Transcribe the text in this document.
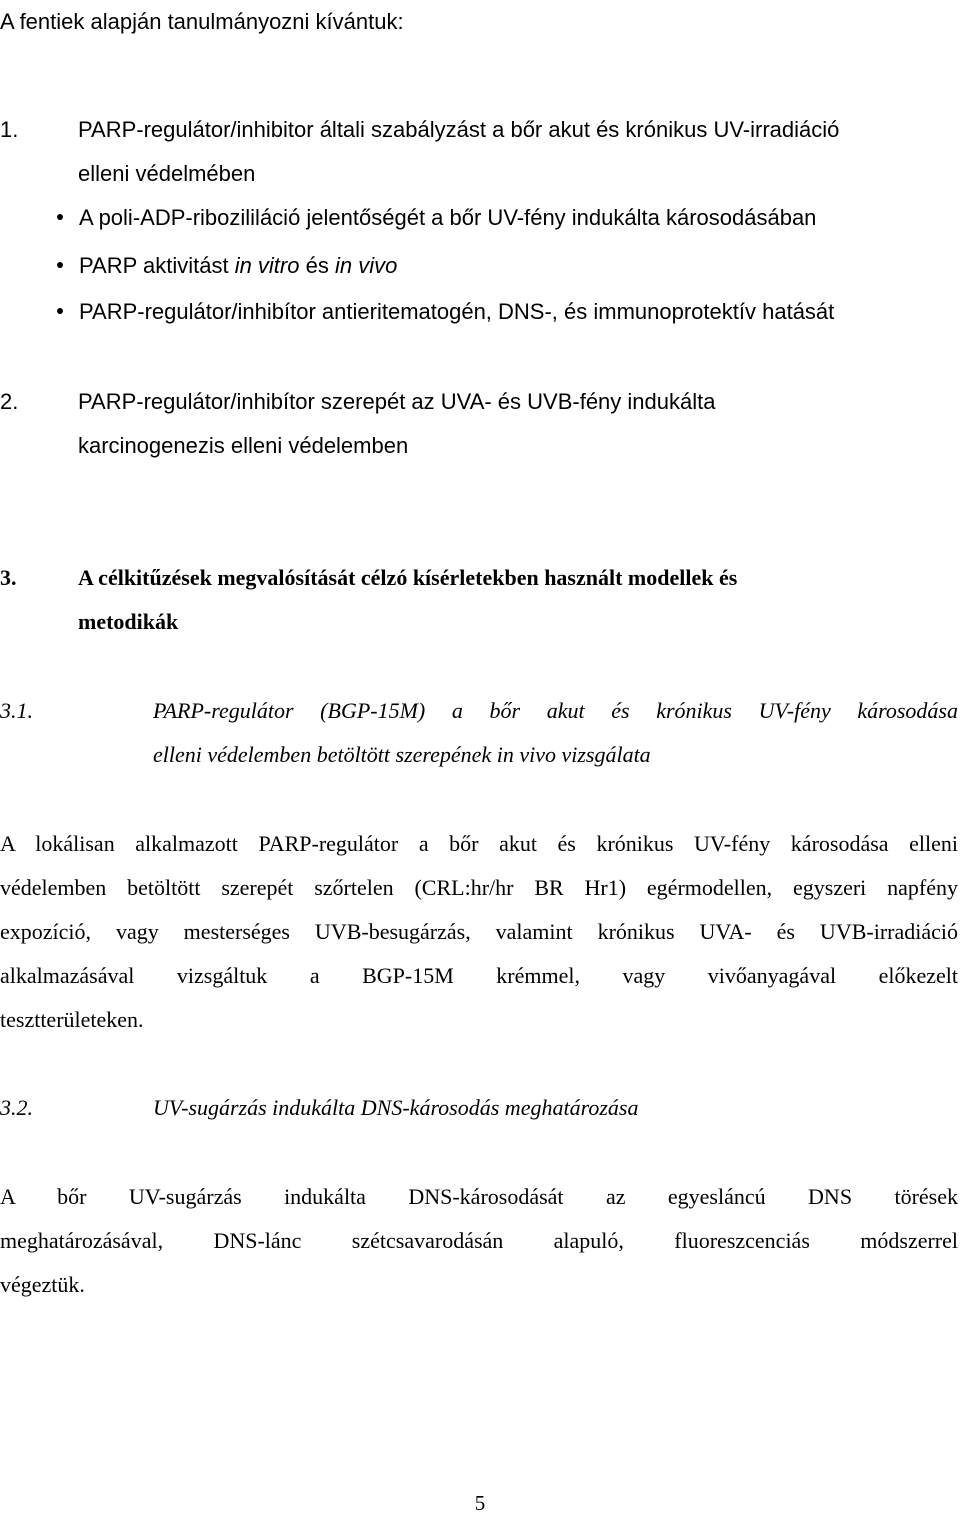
A fentiek alapján tanulmányozni kívántuk:
1.	PARP-regulátor/inhibitor általi szabályzást a bőr akut és krónikus UV-irradiáció
elleni védelmében
A poli-ADP-ribozililáció jelentőségét a bőr UV-fény indukálta károsodásában
PARP aktivitást in vitro és in vivo
PARP-regulátor/inhibítor antieritematogén, DNS-, és immunoprotektív hatását
2.	PARP-regulátor/inhibítor szerepét az UVA- és UVB-fény indukálta
karcinogenezis elleni védelemben
3.	A célkitűzések megvalósítását célzó kísérletekben használt modellek és
metodikák
3.1.	PARP-regulátor (BGP-15M) a bőr akut és krónikus UV-fény károsodása
elleni védelemben betöltött szerepének in vivo vizsgálata
A lokálisan alkalmazott PARP-regulátor a bőr akut és krónikus UV-fény károsodása elleni
védelemben betöltött szerepét szőrtelen (CRL:hr/hr BR Hr1) egérmodellen, egyszeri napfény
expozíció, vagy mesterséges UVB-besugárzás, valamint krónikus UVA- és UVB-irradiáció
alkalmazásával vizsgáltuk a BGP-15M krémmel, vagy vivőanyagával előkezelt
tesztterületeken.
3.2.	UV-sugárzás indukálta DNS-károsodás meghatározása
A bőr UV-sugárzás indukálta DNS-károsodását az egyesláncú DNS törések
meghatározásával, DNS-lánc szétcsavarodásán alapuló, fluoreszcenciás módszerrel
végeztük.
5
